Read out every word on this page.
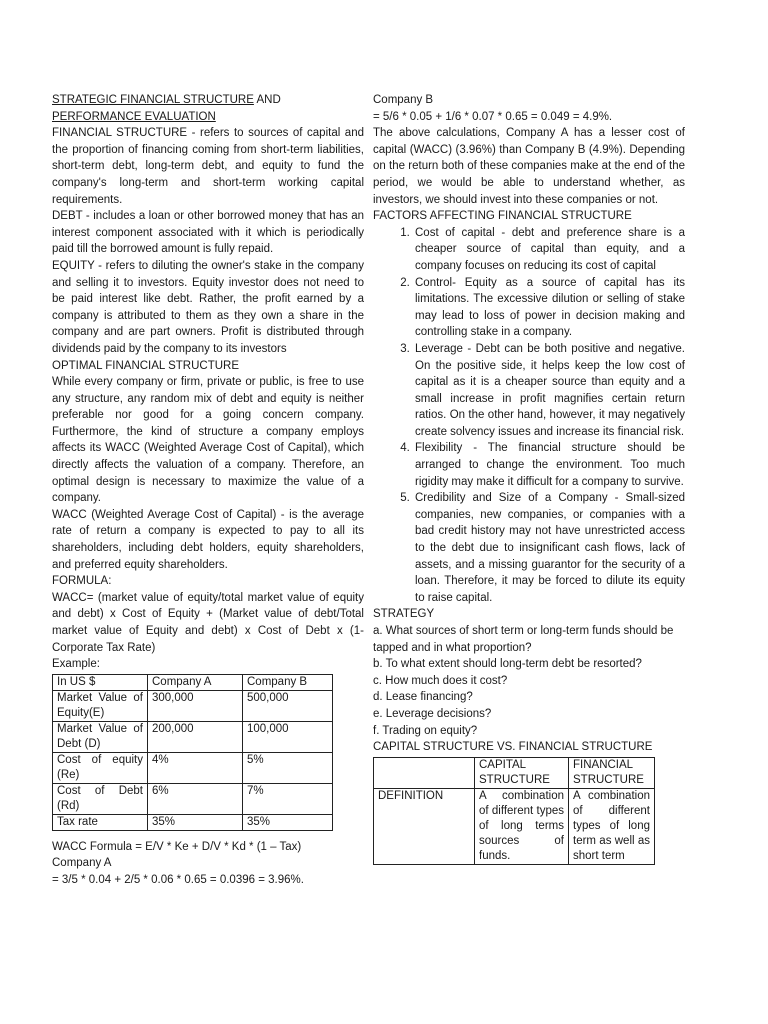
STRATEGIC FINANCIAL STRUCTURE AND

PERFORMANCE EVALUATION

FINANCIAL STRUCTURE - refers to sources of capital and the proportion of financing coming from short-term liabilities, short-term debt, long-term debt, and equity to fund the company's long-term and short-term working capital requirements.

DEBT - includes a loan or other borrowed money that has an interest component associated with it which is periodically paid till the borrowed amount is fully repaid.

EQUITY - refers to diluting the owner's stake in the company and selling it to investors. Equity investor does not need to be paid interest like debt. Rather, the profit earned by a company is attributed to them as they own a share in the company and are part owners. Profit is distributed through dividends paid by the company to its investors

OPTIMAL FINANCIAL STRUCTURE

While every company or firm, private or public, is free to use any structure, any random mix of debt and equity is neither preferable nor good for a going concern company. Furthermore, the kind of structure a company employs affects its WACC (Weighted Average Cost of Capital), which directly affects the valuation of a company. Therefore, an optimal design is necessary to maximize the value of a company.

WACC (Weighted Average Cost of Capital) - is the average rate of return a company is expected to pay to all its shareholders, including debt holders, equity shareholders, and preferred equity shareholders.

FORMULA:

WACC= (market value of equity/total market value of equity and debt) x Cost of Equity + (Market value of debt/Total market value of Equity and debt) x Cost of Debt x (1- Corporate Tax Rate)

Example:

In US $	Company A	Company B
Market Value of Equity(E)	300,000	500,000
Market Value of Debt (D)	200,000	100,000
Cost of equity (Re)	4%	5%
Cost of Debt (Rd)	6%	7%
Tax rate	35%	35%

WACC Formula = E/V * Ke + D/V * Kd * (1 – Tax)

Company A

= 3/5 * 0.04 + 2/5 * 0.06 * 0.65 = 0.0396 = 3.96%.

Company B

= 5/6 * 0.05 + 1/6 * 0.07 * 0.65 = 0.049 = 4.9%.

The above calculations, Company A has a lesser cost of capital (WACC) (3.96%) than Company B (4.9%). Depending on the return both of these companies make at the end of the period, we would be able to understand whether, as investors, we should invest into these companies or not.

FACTORS AFFECTING FINANCIAL STRUCTURE

1. Cost of capital - debt and preference share is a cheaper source of capital than equity, and a company focuses on reducing its cost of capital
2. Control- Equity as a source of capital has its limitations. The excessive dilution or selling of stake may lead to loss of power in decision making and controlling stake in a company.
3. Leverage - Debt can be both positive and negative. On the positive side, it helps keep the low cost of capital as it is a cheaper source than equity and a small increase in profit magnifies certain return ratios. On the other hand, however, it may negatively create solvency issues and increase its financial risk.
4. Flexibility - The financial structure should be arranged to change the environment. Too much rigidity may make it difficult for a company to survive.
5. Credibility and Size of a Company - Small-sized companies, new companies, or companies with a bad credit history may not have unrestricted access to the debt due to insignificant cash flows, lack of assets, and a missing guarantor for the security of a loan. Therefore, it may be forced to dilute its equity to raise capital.

STRATEGY

a. What sources of short term or long-term funds should be tapped and in what proportion?
b. To what extent should long-term debt be resorted?
c. How much does it cost?
d. Lease financing?
e. Leverage decisions?
f. Trading on equity?

CAPITAL STRUCTURE VS. FINANCIAL STRUCTURE

	CAPITAL STRUCTURE	FINANCIAL STRUCTURE
DEFINITION	A combination of different types of long terms sources of funds.	A combination of different types of long term as well as short term
